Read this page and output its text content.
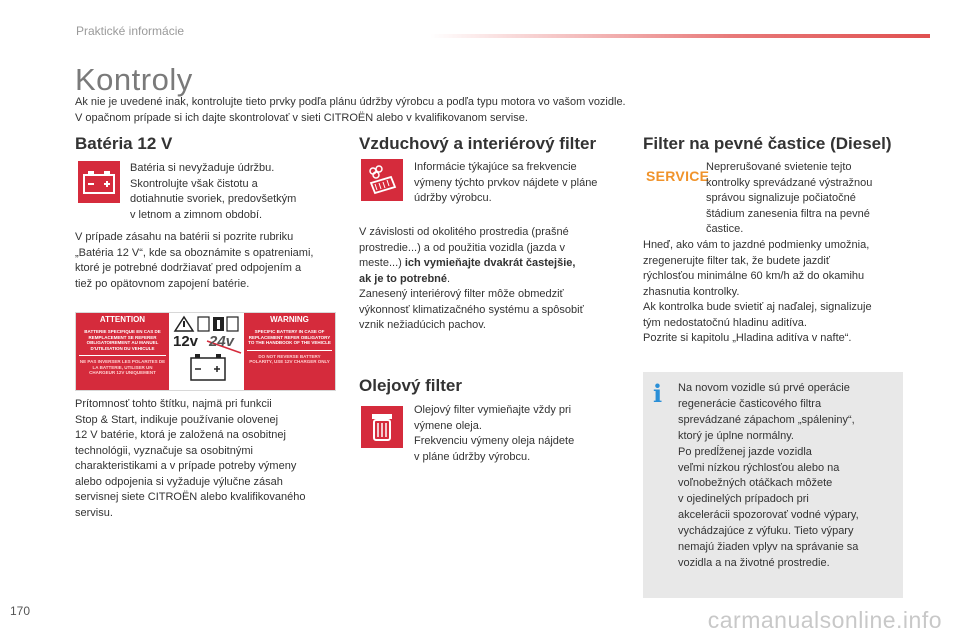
Praktické informácie
Kontroly
Ak nie je uvedené inak, kontrolujte tieto prvky podľa plánu údržby výrobcu a podľa typu motora vo vašom vozidle.
V opačnom prípade si ich dajte skontrolovať v sieti CITROËN alebo v kvalifikovanom servise.
Batéria 12 V
Batéria si nevyžaduje údržbu.
Skontrolujte však čistotu a
dotiahnutie svoriek, predovšetkým
v letnom a zimnom období.
V prípade zásahu na batérii si pozrite rubriku
„Batéria 12 V“, kde sa oboznámite s opatreniami,
ktoré je potrebné dodržiavať pred odpojením a
tiež po opätovnom zapojení batérie.
ATTENTION	WARNING
BATTERIE SPECIFIQUE EN CAS DE REMPLACEMENT SE REFERER OBLIGATOIREMENT AU MANUEL D'UTILISATION DU VEHICULE
NE PAS INVERSER LES POLARITES DE LA BATTERIE, UTILISER UN CHARGEUR 12V UNIQUEMENT
SPECIFIC BATTERY IN CASE OF REPLACEMENT REFER OBLIGATORY TO THE HANDBOOK OF THE VEHICLE
DO NOT REVERSE BATTERY POLARITY, USE 12V CHARGER ONLY
12v 24v
Prítomnosť tohto štítku, najmä pri funkcii
Stop & Start, indikuje používanie olovenej
12 V batérie, ktorá je založená na osobitnej
technológii, vyznačuje sa osobitnými
charakteristikami a v prípade potreby výmeny
alebo odpojenia si vyžaduje výlučne zásah
servisnej siete CITROËN alebo kvalifikovaného
servisu.
Vzduchový a interiérový filter
Informácie týkajúce sa frekvencie
výmeny týchto prvkov nájdete v pláne
údržby výrobcu.
V závislosti od okolitého prostredia (prašné
prostredie...) a od použitia vozidla (jazda v
meste...) ich vymieňajte dvakrát častejšie,
ak je to potrebné.
Zanesený interiérový filter môže obmedziť
výkonnosť klimatizačného systému a spôsobiť
vznik nežiadúcich pachov.
Olejový filter
Olejový filter vymieňajte vždy pri
výmene oleja.
Frekvenciu výmeny oleja nájdete
v pláne údržby výrobcu.
Filter na pevné častice (Diesel)
SERVICE
Neprerušované svietenie tejto
kontrolky sprevádzané výstražnou
správou signalizuje počiatočné
štádium zanesenia filtra na pevné
častice.
Hneď, ako vám to jazdné podmienky umožnia,
zregenerujte filter tak, že budete jazdiť
rýchlosťou minimálne 60 km/h až do okamihu
zhasnutia kontrolky.
Ak kontrolka bude svietiť aj naďalej, signalizuje
tým nedostatočnú hladinu aditíva.
Pozrite si kapitolu „Hladina aditíva v nafte“.
i	Na novom vozidle sú prvé operácie
regenerácie časticového filtra
sprevádzané zápachom „spáleniny“,
ktorý je úplne normálny.
Po predĺženej jazde vozidla
veľmi nízkou rýchlosťou alebo na
voľnobežných otáčkach môžete
v ojedinelých prípadoch pri
akcelerácii spozorovať vodné výpary,
vychádzajúce z výfuku. Tieto výpary
nemajú žiaden vplyv na správanie sa
vozidla a na životné prostredie.
170	carmanualsonline.info
